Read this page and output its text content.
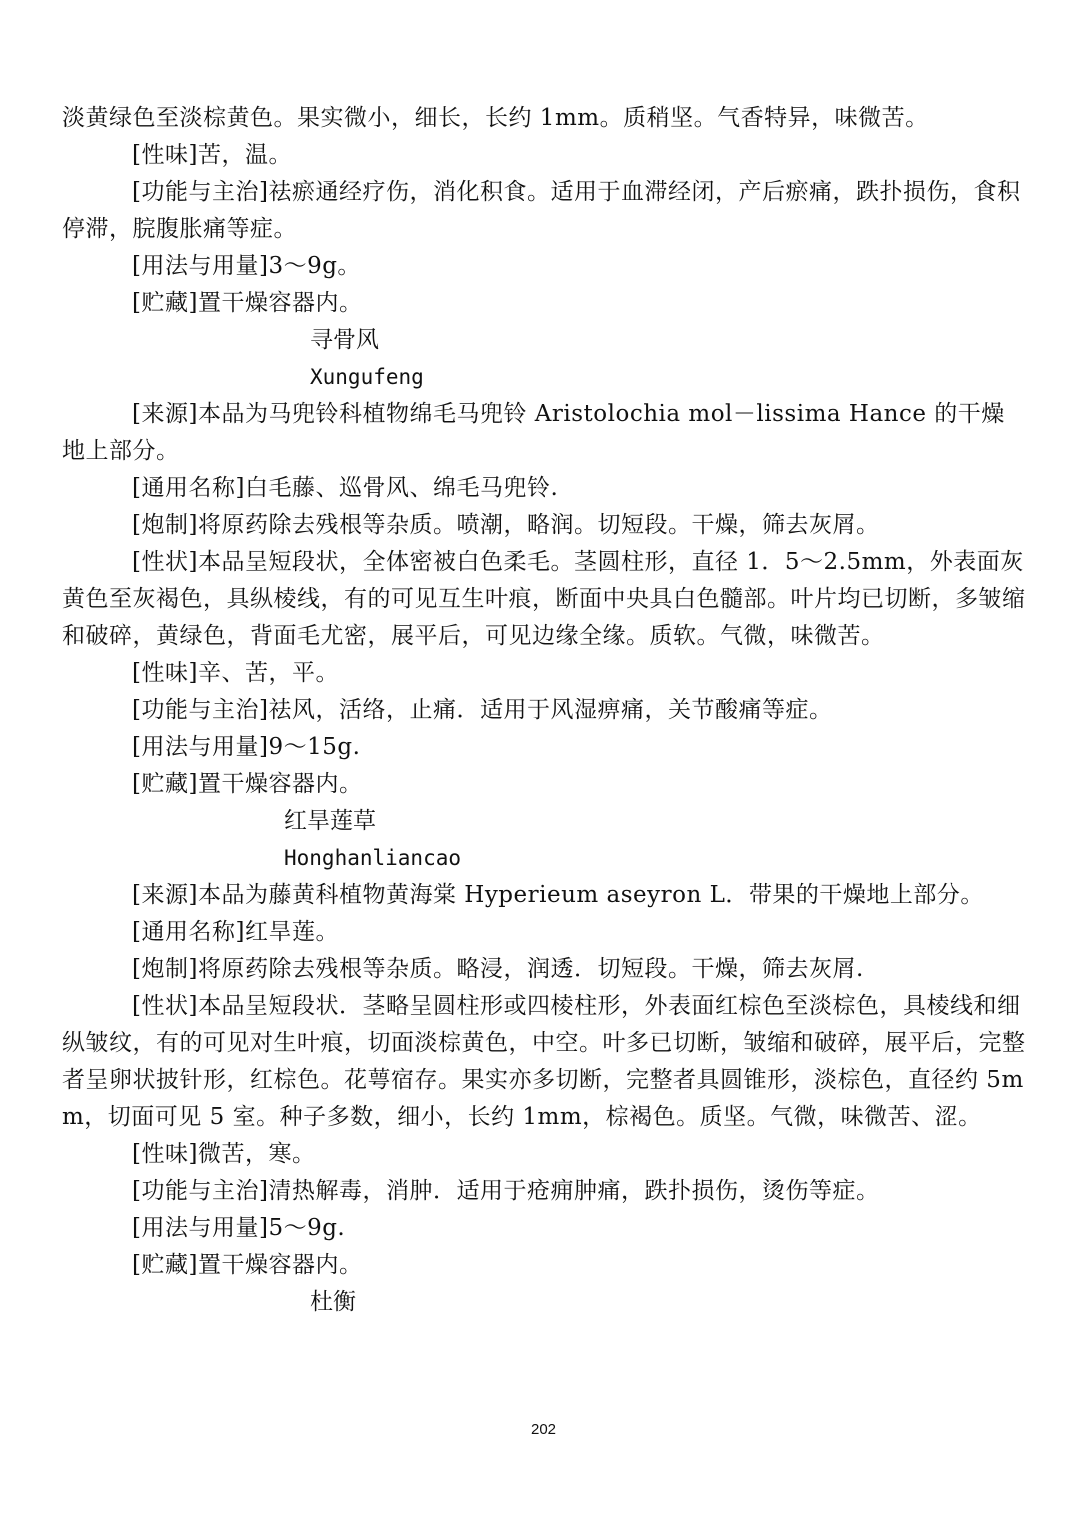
淡黄绿色至淡棕黄色。果实微小，细长，长约 1mm。质稍坚。气香特异，味微苦。

[性味]苦，温。

[功能与主治]祛瘀通经疗伤，消化积食。适用于血滞经闭，产后瘀痛，跌扑损伤，食积停滞，脘腹胀痛等症。

[用法与用量]3～9g。

[贮藏]置干燥容器内。

寻骨风

Xungufeng

[来源]本品为马兜铃科植物绵毛马兜铃 Aristolochia mol－lissima Hance 的干燥地上部分。

[通用名称]白毛藤、巡骨风、绵毛马兜铃.

[炮制]将原药除去残根等杂质。喷潮，略润。切短段。干燥，筛去灰屑。

[性状]本品呈短段状，全体密被白色柔毛。茎圆柱形，直径 1．5～2.5mm，外表面灰黄色至灰褐色，具纵棱线，有的可见互生叶痕，断面中央具白色髓部。叶片均已切断，多皱缩和破碎，黄绿色，背面毛尤密，展平后，可见边缘全缘。质软。气微，味微苦。

[性味]辛、苦，平。

[功能与主治]祛风，活络，止痛．适用于风湿痹痛，关节酸痛等症。

[用法与用量]9～15g.

[贮藏]置干燥容器内。

红旱莲草

Honghanliancao

[来源]本品为藤黄科植物黄海棠 Hyperieum aseyron L．带果的干燥地上部分。

[通用名称]红旱莲。

[炮制]将原药除去残根等杂质。略浸，润透．切短段。干燥，筛去灰屑.

[性状]本品呈短段状．茎略呈圆柱形或四棱柱形，外表面红棕色至淡棕色，具棱线和细纵皱纹，有的可见对生叶痕，切面淡棕黄色，中空。叶多已切断，皱缩和破碎，展平后，完整者呈卵状披针形，红棕色。花萼宿存。果实亦多切断，完整者具圆锥形，淡棕色，直径约 5mm，切面可见 5 室。种子多数，细小，长约 1mm，棕褐色。质坚。气微，味微苦、涩。

[性味]微苦，寒。

[功能与主治]清热解毒，消肿．适用于疮痈肿痛，跌扑损伤，烫伤等症。

[用法与用量]5～9g.

[贮藏]置干燥容器内。

杜衡

202
